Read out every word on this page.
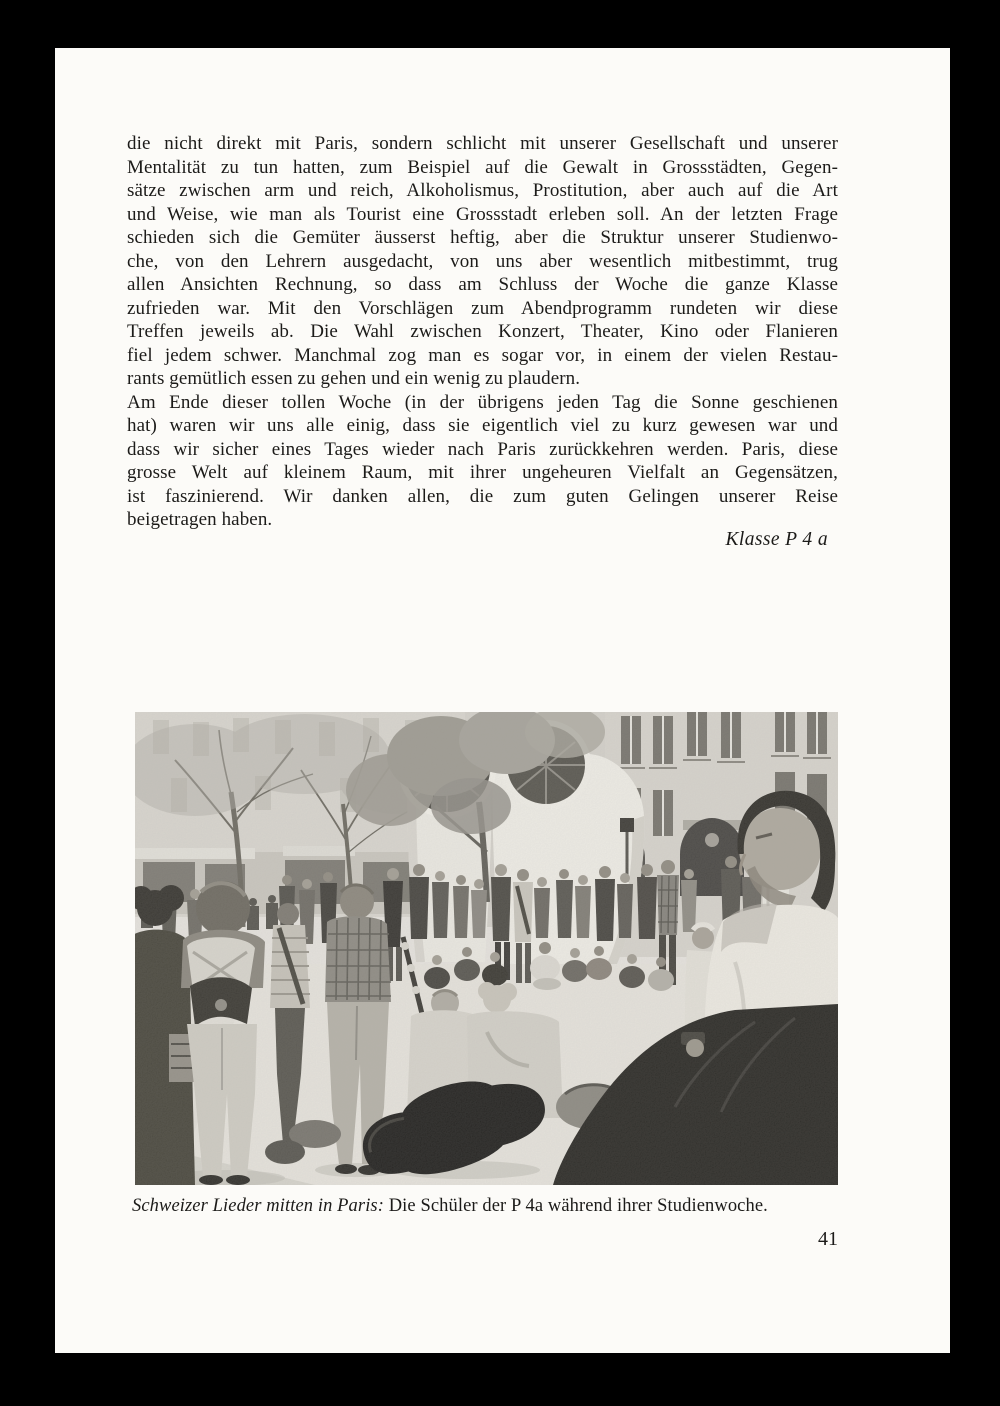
die nicht direkt mit Paris, sondern schlicht mit unserer Gesellschaft und unserer
Mentalität zu tun hatten, zum Beispiel auf die Gewalt in Grossstädten, Gegen-
sätze zwischen arm und reich, Alkoholismus, Prostitution, aber auch auf die Art
und Weise, wie man als Tourist eine Grossstadt erleben soll. An der letzten Frage
schieden sich die Gemüter äusserst heftig, aber die Struktur unserer Studienwo-
che, von den Lehrern ausgedacht, von uns aber wesentlich mitbestimmt, trug
allen Ansichten Rechnung, so dass am Schluss der Woche die ganze Klasse
zufrieden war. Mit den Vorschlägen zum Abendprogramm rundeten wir diese
Treffen jeweils ab. Die Wahl zwischen Konzert, Theater, Kino oder Flanieren
fiel jedem schwer. Manchmal zog man es sogar vor, in einem der vielen Restau-
rants gemütlich essen zu gehen und ein wenig zu plaudern.
Am Ende dieser tollen Woche (in der übrigens jeden Tag die Sonne geschienen
hat) waren wir uns alle einig, dass sie eigentlich viel zu kurz gewesen war und
dass wir sicher eines Tages wieder nach Paris zurückkehren werden. Paris, diese
grosse Welt auf kleinem Raum, mit ihrer ungeheuren Vielfalt an Gegensätzen,
ist faszinierend. Wir danken allen, die zum guten Gelingen unserer Reise
beigetragen haben.
Klasse P 4 a
Schweizer Lieder mitten in Paris: Die Schüler der P 4a während ihrer Studienwoche.
41
